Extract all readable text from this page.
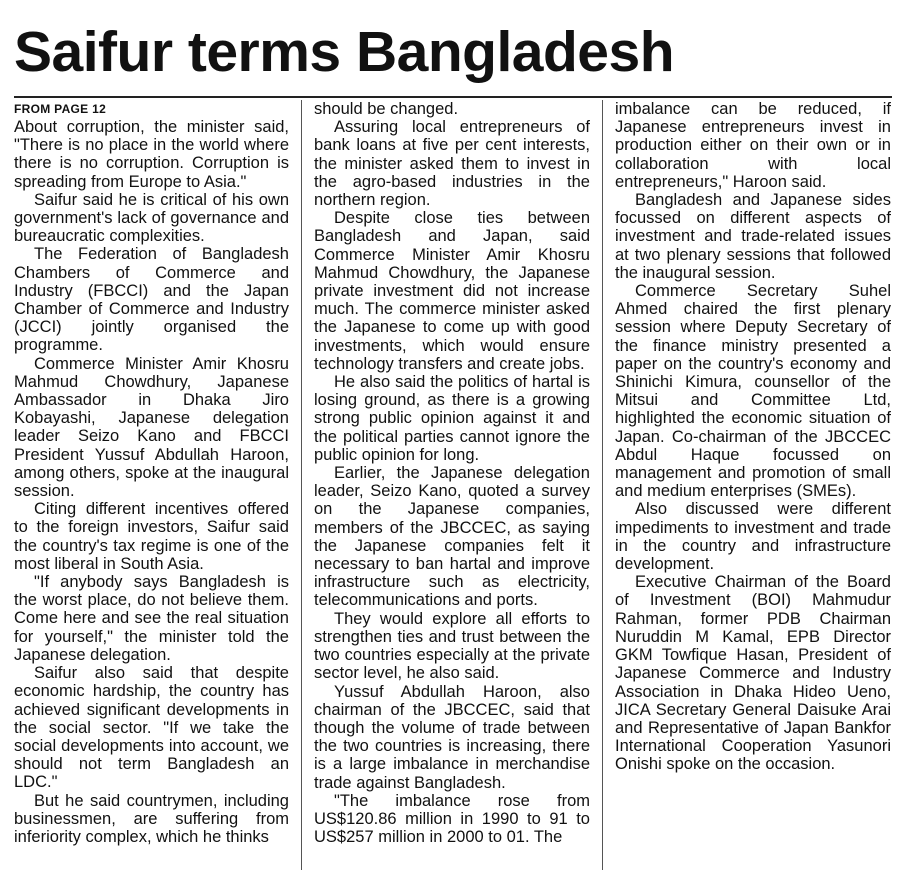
Saifur terms Bangladesh
FROM PAGE 12

About corruption, the minister said, "There is no place in the world where there is no corruption. Corruption is spreading from Europe to Asia."

Saifur said he is critical of his own government's lack of governance and bureaucratic complexities.

The Federation of Bangladesh Chambers of Commerce and Industry (FBCCI) and the Japan Chamber of Commerce and Industry (JCCI) jointly organised the programme.

Commerce Minister Amir Khosru Mahmud Chowdhury, Japanese Ambassador in Dhaka Jiro Kobayashi, Japanese delegation leader Seizo Kano and FBCCI President Yussuf Abdullah Haroon, among others, spoke at the inaugural session.

Citing different incentives offered to the foreign investors, Saifur said the country's tax regime is one of the most liberal in South Asia.

"If anybody says Bangladesh is the worst place, do not believe them. Come here and see the real situation for yourself," the minister told the Japanese delegation.

Saifur also said that despite economic hardship, the country has achieved significant developments in the social sector. "If we take the social developments into account, we should not term Bangladesh an LDC."

But he said countrymen, including businessmen, are suffering from inferiority complex, which he thinks

should be changed.

Assuring local entrepreneurs of bank loans at five per cent interests, the minister asked them to invest in the agro-based industries in the northern region.

Despite close ties between Bangladesh and Japan, said Commerce Minister Amir Khosru Mahmud Chowdhury, the Japanese private investment did not increase much. The commerce minister asked the Japanese to come up with good investments, which would ensure technology transfers and create jobs.

He also said the politics of hartal is losing ground, as there is a growing strong public opinion against it and the political parties cannot ignore the public opinion for long.

Earlier, the Japanese delegation leader, Seizo Kano, quoted a survey on the Japanese companies, members of the JBCCEC, as saying the Japanese companies felt it necessary to ban hartal and improve infrastructure such as electricity, telecommunications and ports.

They would explore all efforts to strengthen ties and trust between the two countries especially at the private sector level, he also said.

Yussuf Abdullah Haroon, also chairman of the JBCCEC, said that though the volume of trade between the two countries is increasing, there is a large imbalance in merchandise trade against Bangladesh.

"The imbalance rose from US$120.86 million in 1990 to 91 to US$257 million in 2000 to 01. The

imbalance can be reduced, if Japanese entrepreneurs invest in production either on their own or in collaboration with local entrepreneurs," Haroon said.

Bangladesh and Japanese sides focussed on different aspects of investment and trade-related issues at two plenary sessions that followed the inaugural session.

Commerce Secretary Suhel Ahmed chaired the first plenary session where Deputy Secretary of the finance ministry presented a paper on the country's economy and Shinichi Kimura, counsellor of the Mitsui and Committee Ltd, highlighted the economic situation of Japan. Co-chairman of the JBCCEC Abdul Haque focussed on management and promotion of small and medium enterprises (SMEs).

Also discussed were different impediments to investment and trade in the country and infrastructure development.

Executive Chairman of the Board of Investment (BOI) Mahmudur Rahman, former PDB Chairman Nuruddin M Kamal, EPB Director GKM Towfique Hasan, President of Japanese Commerce and Industry Association in Dhaka Hideo Ueno, JICA Secretary General Daisuke Arai and Representative of Japan Bankfor International Cooperation Yasunori Onishi spoke on the occasion.
